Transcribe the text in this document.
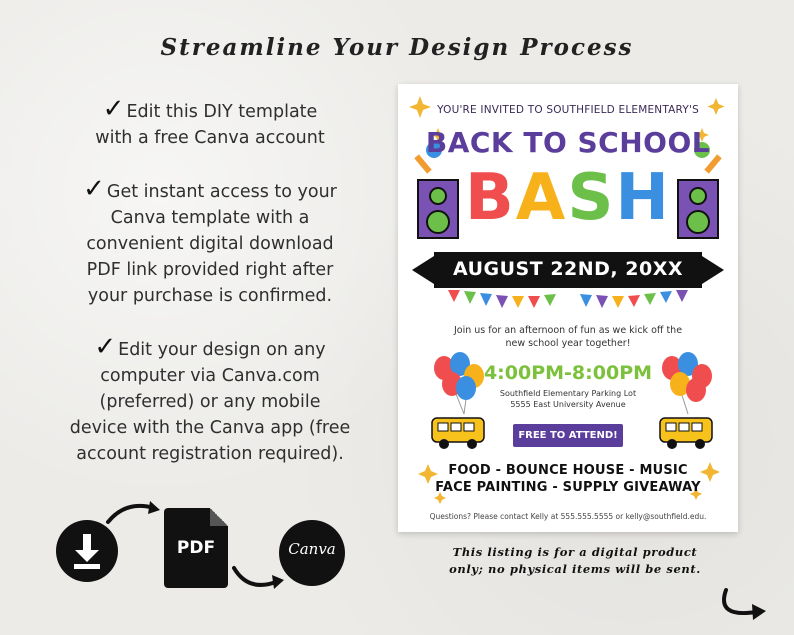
Streamline Your Design Process
✓ Edit this DIY template
with a free Canva account
✓ Get instant access to your
Canva template with a
convenient digital download
PDF link provided right after
your purchase is confirmed.
✓ Edit your design on any
computer via Canva.com
(preferred) or any mobile
device with the Canva app (free
account registration required).
PDF	Canva
YOU'RE INVITED TO SOUTHFIELD ELEMENTARY'S
BACK TO SCHOOL
BASH
AUGUST 22ND, 20XX
Join us for an afternoon of fun as we kick off the
new school year together!
4:00PM-8:00PM
Southfield Elementary Parking Lot
5555 East University Avenue
FREE TO ATTEND!
FOOD - BOUNCE HOUSE - MUSIC
FACE PAINTING - SUPPLY GIVEAWAY
Questions? Please contact Kelly at 555.555.5555 or kelly@southfield.edu.
This listing is for a digital product
only; no physical items will be sent.
